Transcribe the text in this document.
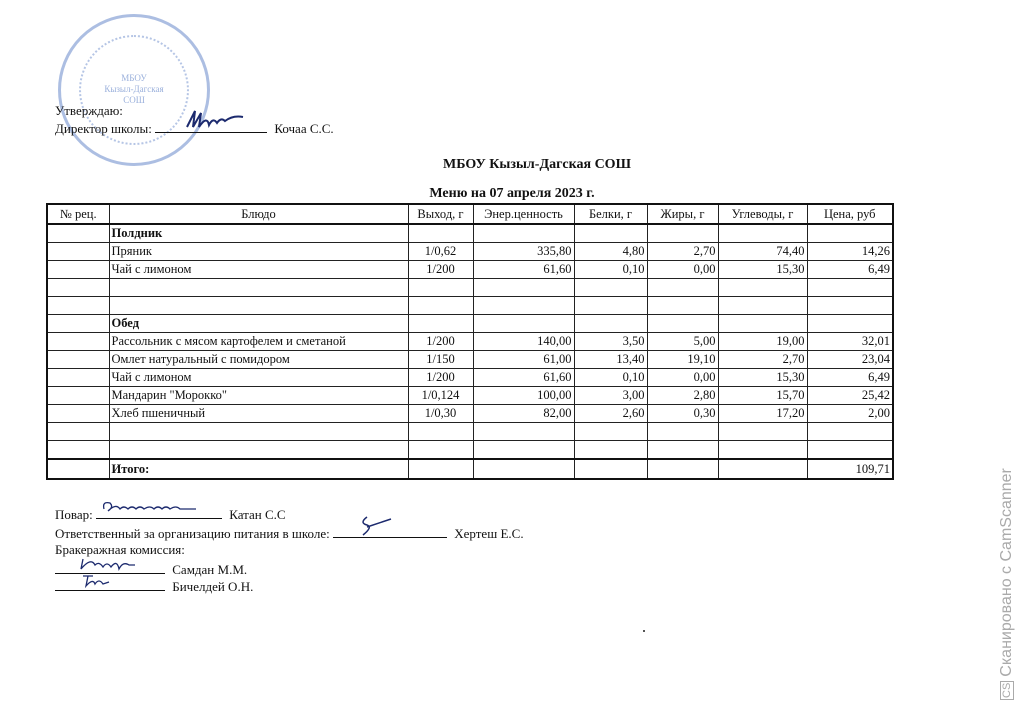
МБОУ
Кызыл-Дагская
СОШ
Утверждаю:
Директор школы:	Кочаа С.С.
МБОУ Кызыл-Дагская СОШ
Меню на 07 апреля 2023 г.
№ рец.	Блюдо	Выход, г	Энер.ценность	Белки, г	Жиры, г	Углеводы, г	Цена, руб
	Полдник						
	Пряник	1/0,62	335,80	4,80	2,70	74,40	14,26
	Чай с лимоном	1/200	61,60	0,10	0,00	15,30	6,49

	Обед						
	Рассольник с мясом картофелем и сметаной	1/200	140,00	3,50	5,00	19,00	32,01
	Омлет натуральный с помидором	1/150	61,00	13,40	19,10	2,70	23,04
	Чай с лимоном	1/200	61,60	0,10	0,00	15,30	6,49
	Мандарин "Морокко"	1/0,124	100,00	3,00	2,80	15,70	25,42
	Хлеб пшеничный	1/0,30	82,00	2,60	0,30	17,20	2,00

	Итого:						109,71
Повар:	Катан С.С
Ответственный за организацию питания в школе:	Хертеш Е.С.
Бракеражная комиссия:
Самдан М.М.
Бичелдей О.Н.
CSСканировано с CamScanner
